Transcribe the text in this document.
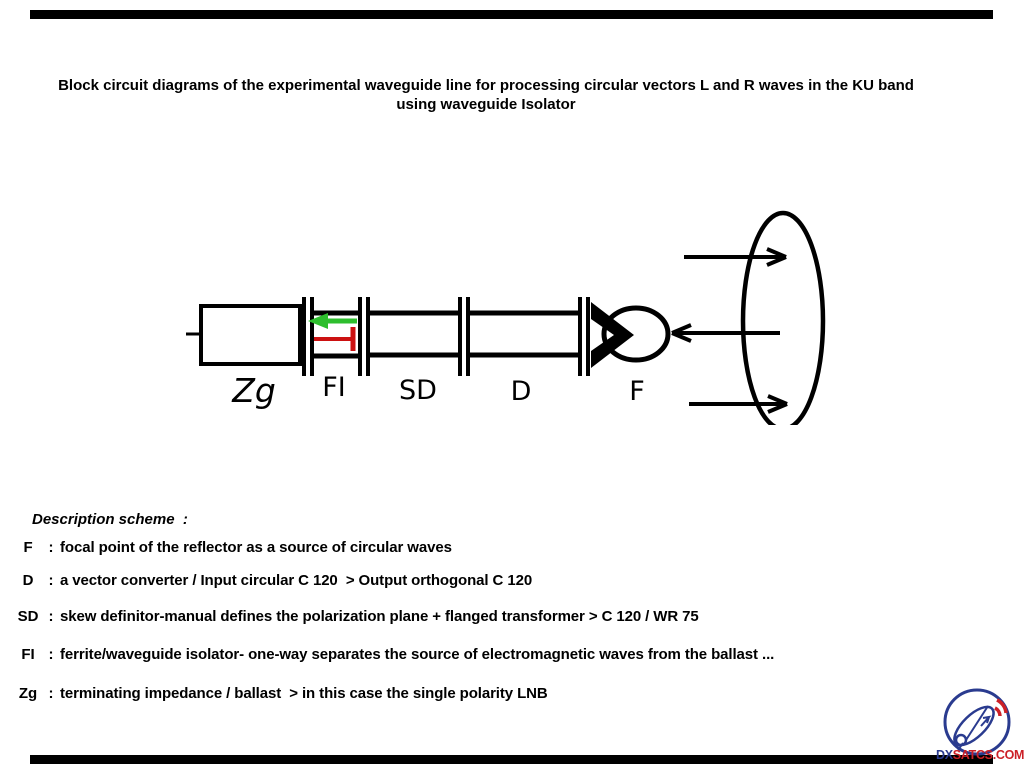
Block circuit diagrams of the experimental waveguide line for processing circular vectors L and R waves in the KU band
using waveguide Isolator
Zg FI SD	D	F
Description scheme  :
F	: focal point of the reflector as a source of circular waves
D	: a vector converter / Input circular C 120  > Output orthogonal C 120
SD : skew definitor-manual defines the polarization plane + flanged transformer > C 120 / WR 75
FI : ferrite/waveguide isolator- one-way separates the source of electromagnetic waves from the ballast ...
Zg : terminating impedance / ballast  > in this case the single polarity LNB
DXSATCS.COM
